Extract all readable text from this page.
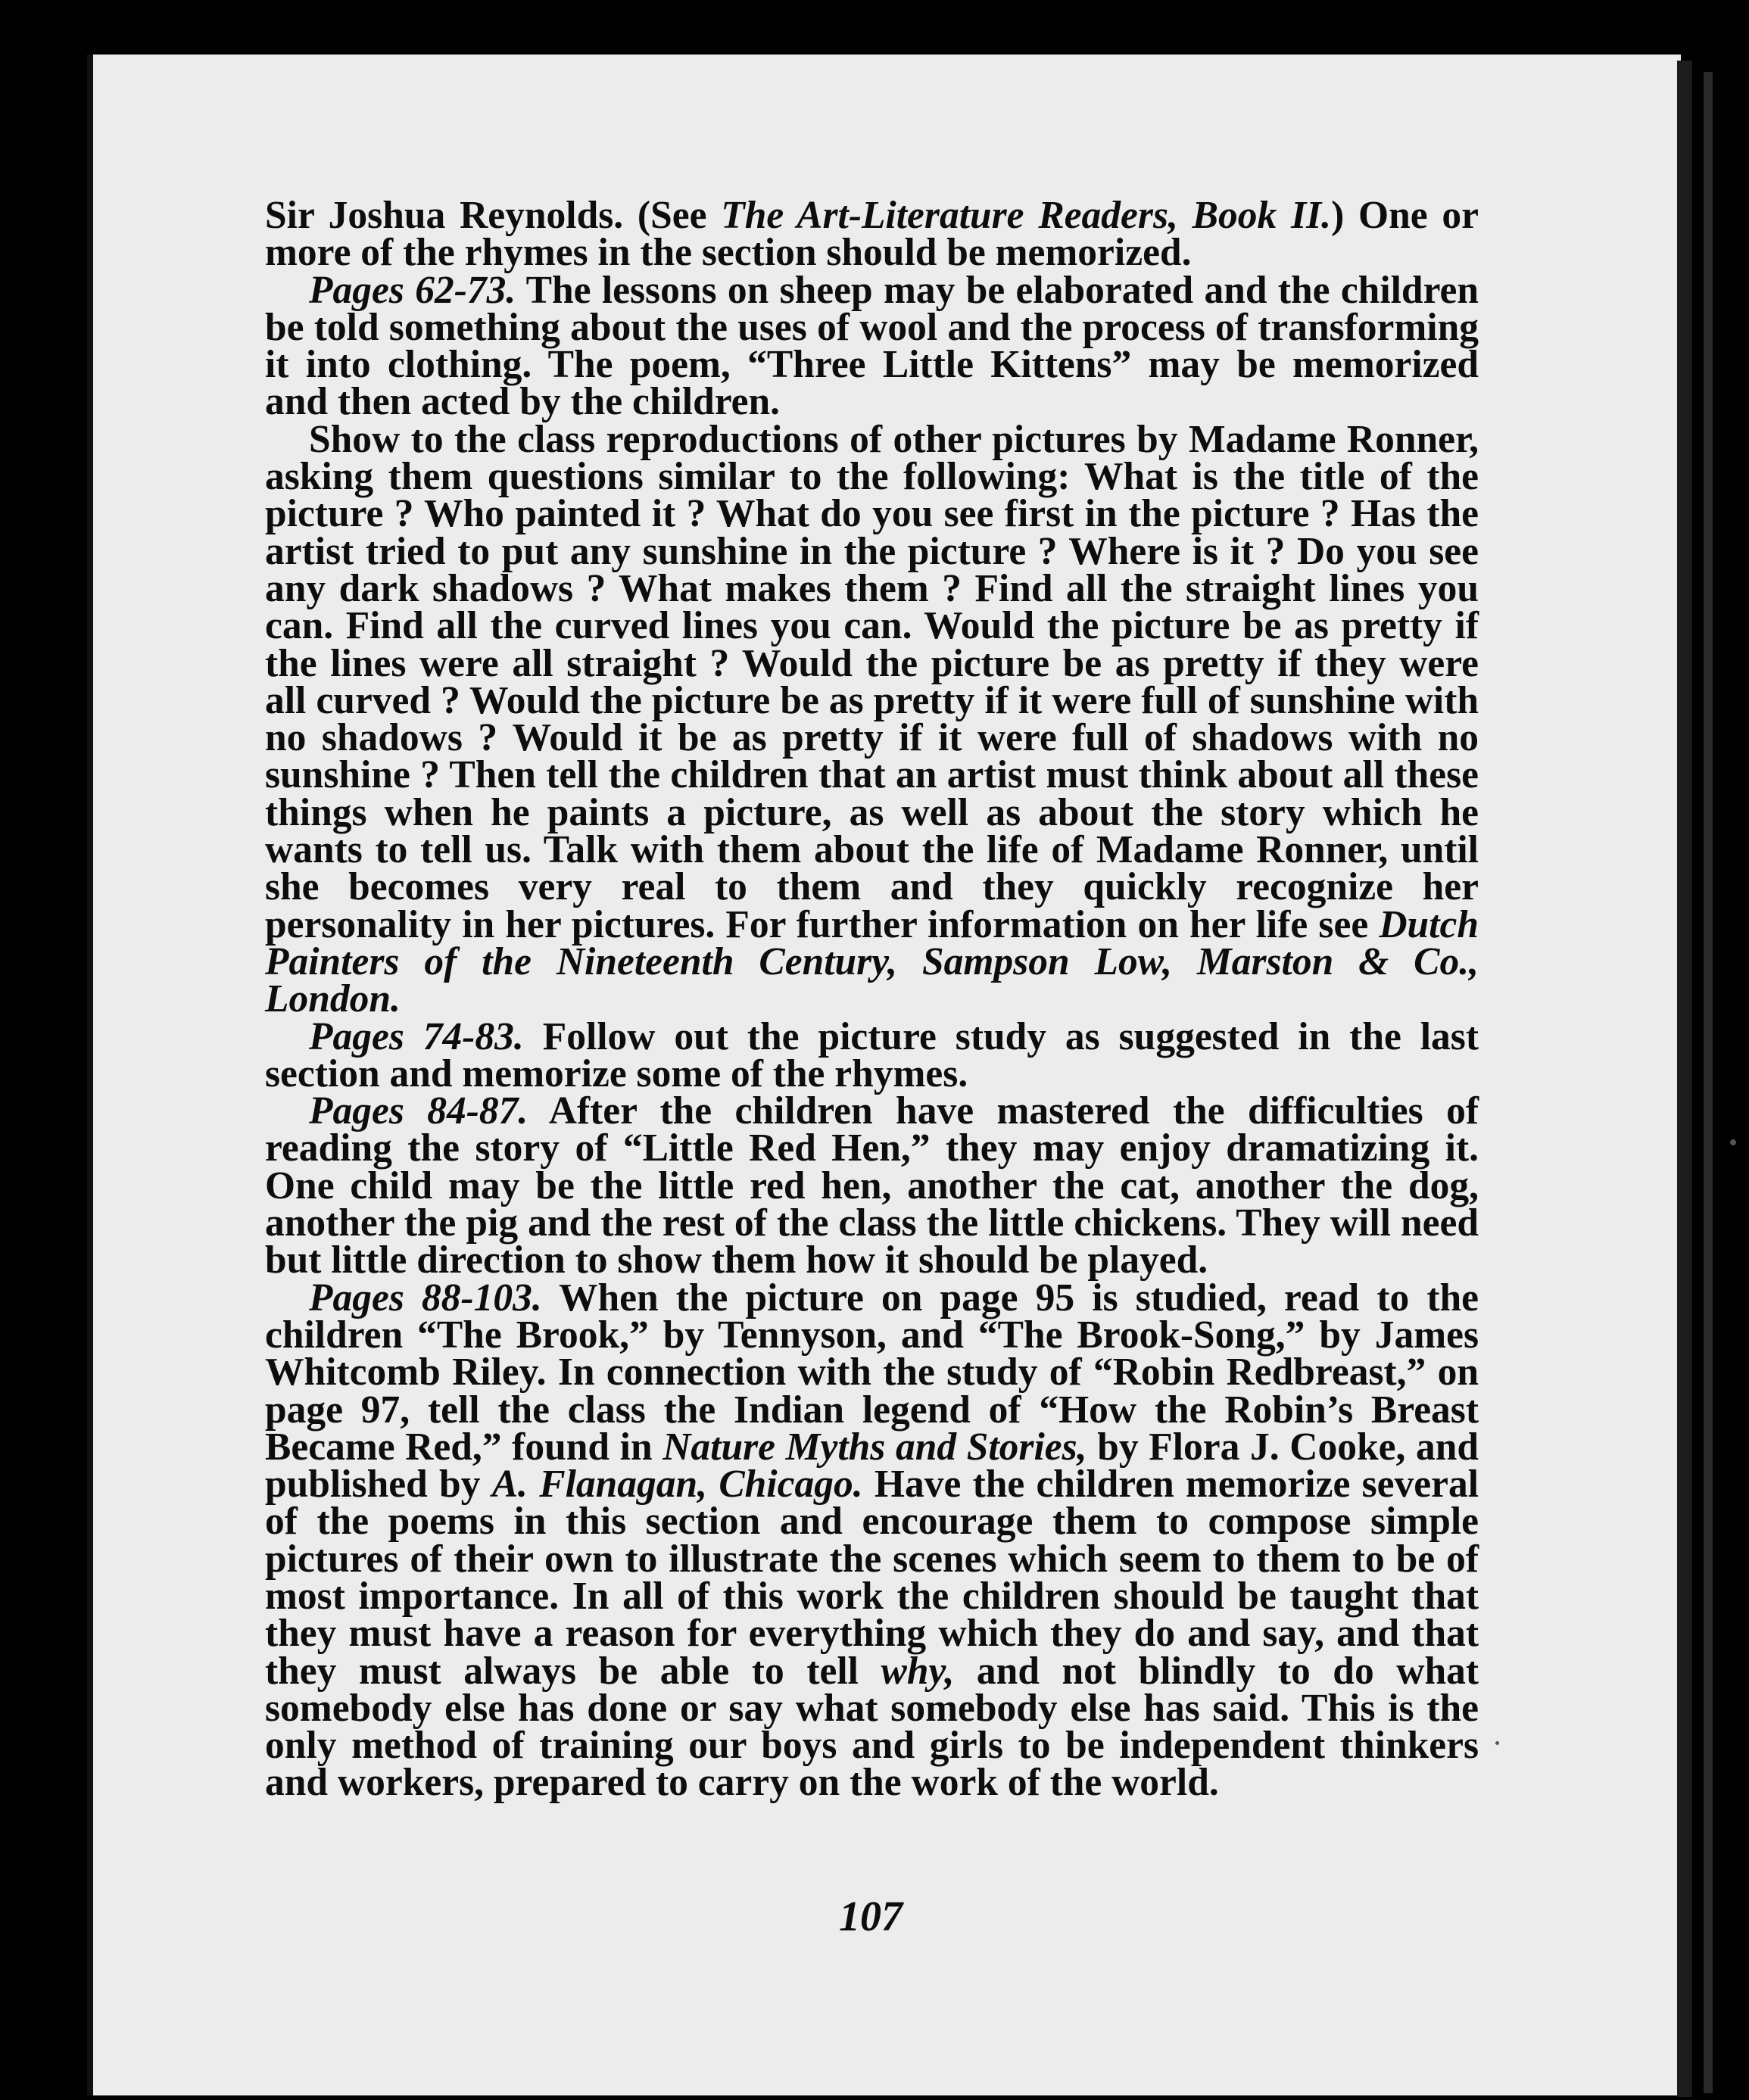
Sir Joshua Reynolds. (See The Art-Literature Readers, Book II.) One or more of the rhymes in the section should be memorized.

Pages 62-73. The lessons on sheep may be elaborated and the children be told something about the uses of wool and the process of transforming it into clothing. The poem, “Three Little Kittens” may be memorized and then acted by the children.

Show to the class reproductions of other pictures by Madame Ronner, asking them questions similar to the following: What is the title of the picture ? Who painted it ? What do you see first in the picture ? Has the artist tried to put any sunshine in the picture ? Where is it ? Do you see any dark shadows ? What makes them ? Find all the straight lines you can. Find all the curved lines you can. Would the picture be as pretty if the lines were all straight ? Would the picture be as pretty if they were all curved ? Would the picture be as pretty if it were full of sunshine with no shadows ? Would it be as pretty if it were full of shadows with no sunshine ? Then tell the children that an artist must think about all these things when he paints a picture, as well as about the story which he wants to tell us. Talk with them about the life of Madame Ronner, until she becomes very real to them and they quickly recognize her personality in her pictures. For further information on her life see Dutch Painters of the Nineteenth Century, Sampson Low, Marston & Co., London.

Pages 74-83. Follow out the picture study as suggested in the last section and memorize some of the rhymes.

Pages 84-87. After the children have mastered the difficulties of reading the story of “Little Red Hen,” they may enjoy dramatizing it. One child may be the little red hen, another the cat, another the dog, another the pig and the rest of the class the little chickens. They will need but little direction to show them how it should be played.

Pages 88-103. When the picture on page 95 is studied, read to the children “The Brook,” by Tennyson, and “The Brook-Song,” by James Whitcomb Riley. In connection with the study of “Robin Redbreast,” on page 97, tell the class the Indian legend of “How the Robin’s Breast Became Red,” found in Nature Myths and Stories, by Flora J. Cooke, and published by A. Flanagan, Chicago. Have the children memorize several of the poems in this section and encourage them to compose simple pictures of their own to illustrate the scenes which seem to them to be of most importance. In all of this work the children should be taught that they must have a reason for everything which they do and say, and that they must always be able to tell why, and not blindly to do what somebody else has done or say what somebody else has said. This is the only method of training our boys and girls to be independent thinkers and workers, prepared to carry on the work of the world.

107
